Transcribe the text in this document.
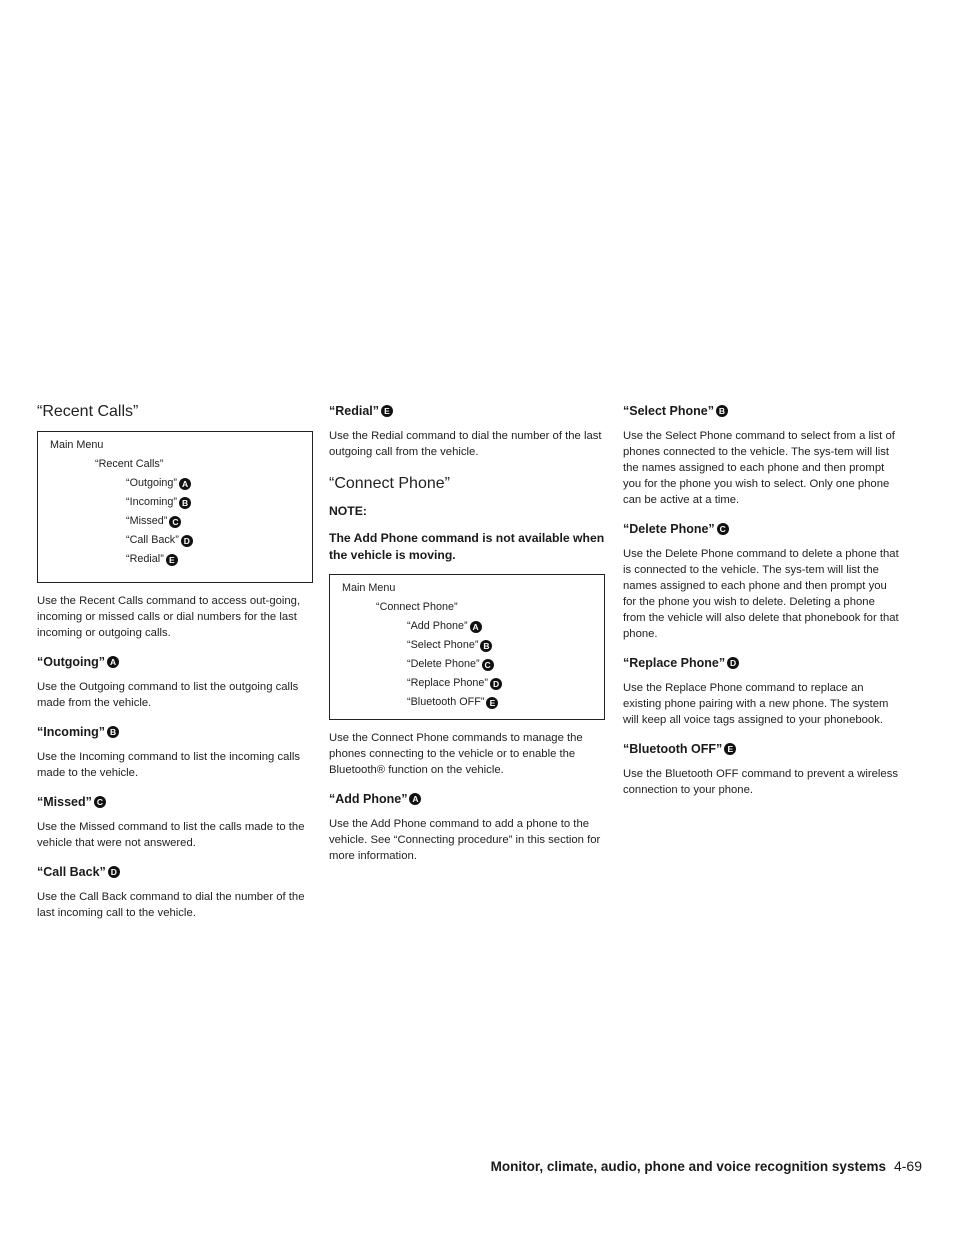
“Recent Calls”
Main Menu
“Recent Calls”
“Outgoing” A
“Incoming” B
“Missed” C
“Call Back” D
“Redial” E

Use the Recent Calls command to access out-going, incoming or missed calls or dial numbers for the last incoming or outgoing calls.

“Outgoing” A

Use the Outgoing command to list the outgoing calls made from the vehicle.

“Incoming” B

Use the Incoming command to list the incoming calls made to the vehicle.

“Missed” C

Use the Missed command to list the calls made to the vehicle that were not answered.

“Call Back” D

Use the Call Back command to dial the number of the last incoming call to the vehicle.

“Redial” E

Use the Redial command to dial the number of the last outgoing call from the vehicle.

“Connect Phone”

NOTE:

The Add Phone command is not available when the vehicle is moving.

Main Menu
“Connect Phone”
“Add Phone” A
“Select Phone” B
“Delete Phone” C
“Replace Phone” D
“Bluetooth OFF” E

Use the Connect Phone commands to manage the phones connecting to the vehicle or to enable the Bluetooth® function on the vehicle.

“Add Phone” A

Use the Add Phone command to add a phone to the vehicle. See “Connecting procedure” in this section for more information.

“Select Phone” B

Use the Select Phone command to select from a list of phones connected to the vehicle. The sys-tem will list the names assigned to each phone and then prompt you for the phone you wish to select. Only one phone can be active at a time.

“Delete Phone” C

Use the Delete Phone command to delete a phone that is connected to the vehicle. The sys-tem will list the names assigned to each phone and then prompt you for the phone you wish to delete. Deleting a phone from the vehicle will also delete that phonebook for that phone.

“Replace Phone” D

Use the Replace Phone command to replace an existing phone pairing with a new phone. The system will keep all voice tags assigned to your phonebook.

“Bluetooth OFF” E

Use the Bluetooth OFF command to prevent a wireless connection to your phone.

Monitor, climate, audio, phone and voice recognition systems 4-69
